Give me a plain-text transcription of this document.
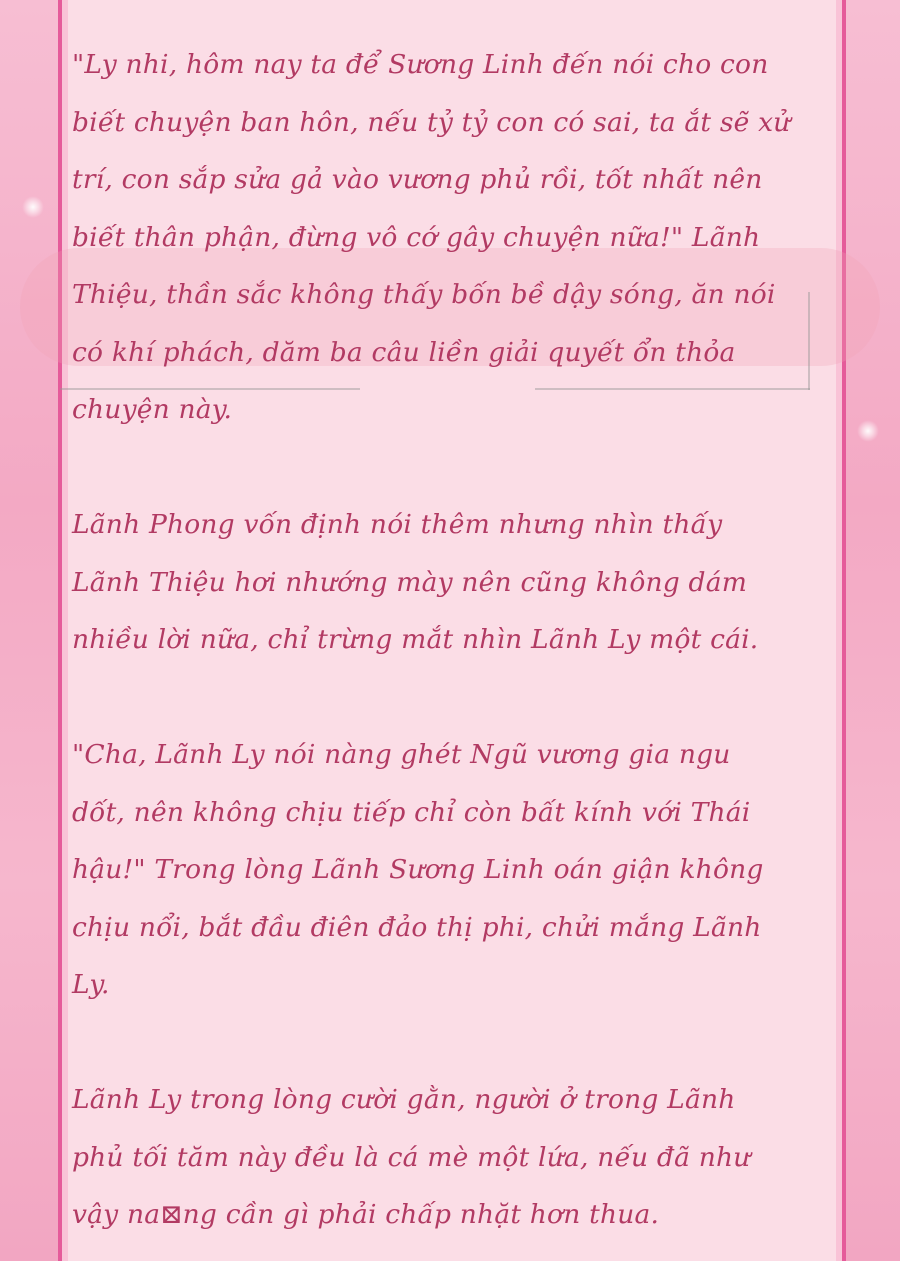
"Ly nhi, hôm nay ta để Sương Linh đến nói cho con
biết chuyện ban hôn, nếu tỷ tỷ con có sai, ta ắt sẽ xử
trí, con sắp sửa gả vào vương phủ rồi, tốt nhất nên
biết thân phận, đừng vô cớ gây chuyện nữa!" Lãnh
Thiệu, thần sắc không thấy bốn bề dậy sóng, ăn nói
có khí phách, dăm ba câu liền giải quyết ổn thỏa
chuyện này.
Lãnh Phong vốn định nói thêm nhưng nhìn thấy
Lãnh Thiệu hơi nhướng mày nên cũng không dám
nhiều lời nữa, chỉ trừng mắt nhìn Lãnh Ly một cái.
"Cha, Lãnh Ly nói nàng ghét Ngũ vương gia ngu
dốt, nên không chịu tiếp chỉ còn bất kính với Thái
hậu!" Trong lòng Lãnh Sương Linh oán giận không
chịu nổi, bắt đầu điên đảo thị phi, chửi mắng Lãnh
Ly.
Lãnh Ly trong lòng cười gằn, người ở trong Lãnh
phủ tối tăm này đều là cá mè một lứa, nếu đã như
vậy na⊠ng cần gì phải chấp nhặt hơn thua.
